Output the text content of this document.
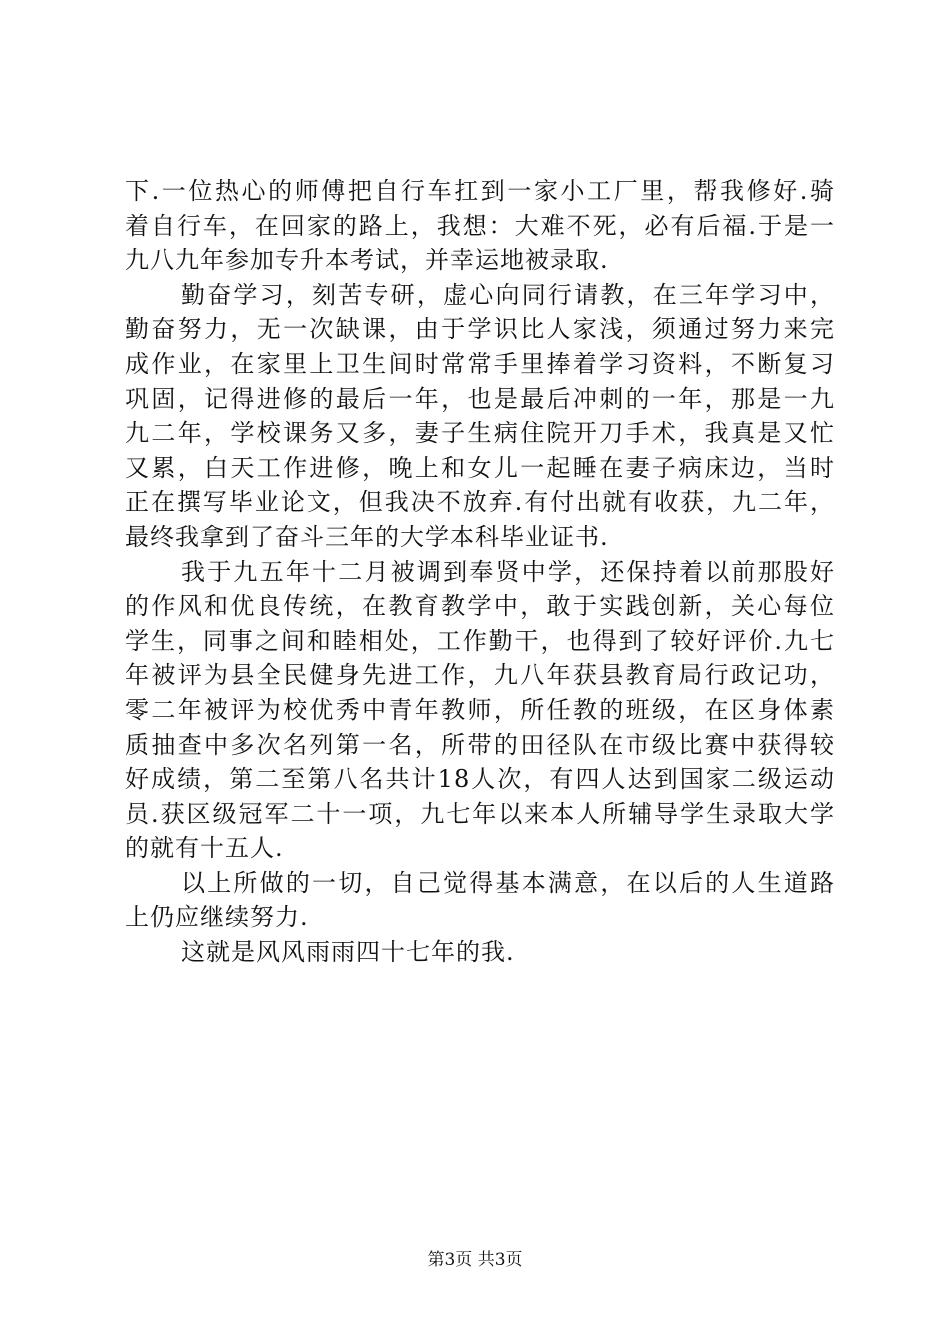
下.一位热心的师傅把自行车扛到一家小工厂里，帮我修好.骑
着自行车，在回家的路上，我想：大难不死，必有后福.于是一
九八九年参加专升本考试，并幸运地被录取.
勤奋学习，刻苦专研，虚心向同行请教，在三年学习中，
勤奋努力，无一次缺课，由于学识比人家浅，须通过努力来完
成作业，在家里上卫生间时常常手里捧着学习资料，不断复习
巩固，记得进修的最后一年，也是最后冲刺的一年，那是一九
九二年，学校课务又多，妻子生病住院开刀手术，我真是又忙
又累，白天工作进修，晚上和女儿一起睡在妻子病床边，当时
正在撰写毕业论文，但我决不放弃.有付出就有收获，九二年，
最终我拿到了奋斗三年的大学本科毕业证书.
我于九五年十二月被调到奉贤中学，还保持着以前那股好
的作风和优良传统，在教育教学中，敢于实践创新，关心每位
学生，同事之间和睦相处，工作勤干，也得到了较好评价.九七
年被评为县全民健身先进工作，九八年获县教育局行政记功，
零二年被评为校优秀中青年教师，所任教的班级，在区身体素
质抽查中多次名列第一名，所带的田径队在市级比赛中获得较
好成绩，第二至第八名共计18人次，有四人达到国家二级运动
员.获区级冠军二十一项，九七年以来本人所辅导学生录取大学
的就有十五人.
以上所做的一切，自己觉得基本满意，在以后的人生道路
上仍应继续努力.
这就是风风雨雨四十七年的我.
第3页 共3页
